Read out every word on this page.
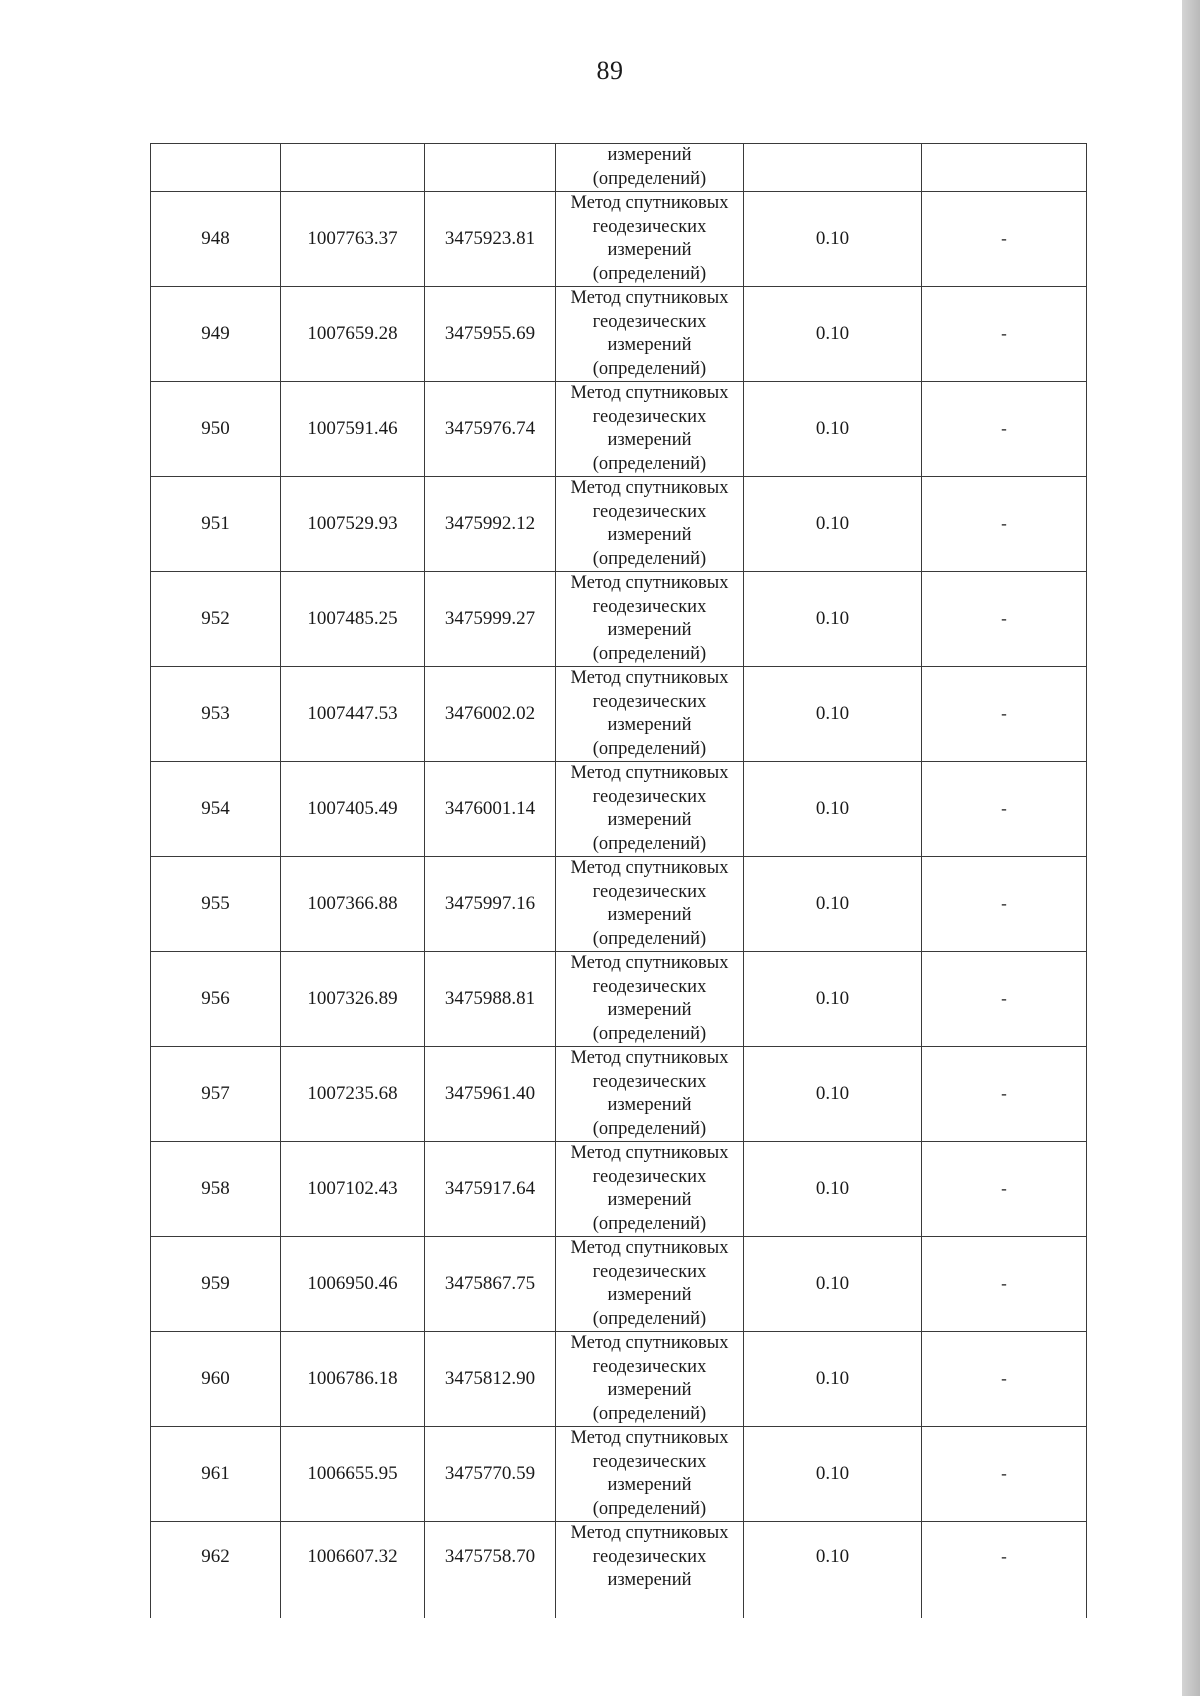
89

			измерений
(определений)		

948	1007763.37	3475923.81	Метод спутниковых
геодезических
измерений
(определений)	0.10	-
949	1007659.28	3475955.69	Метод спутниковых
геодезических
измерений
(определений)	0.10	-
950	1007591.46	3475976.74	Метод спутниковых
геодезических
измерений
(определений)	0.10	-
951	1007529.93	3475992.12	Метод спутниковых
геодезических
измерений
(определений)	0.10	-
952	1007485.25	3475999.27	Метод спутниковых
геодезических
измерений
(определений)	0.10	-
953	1007447.53	3476002.02	Метод спутниковых
геодезических
измерений
(определений)	0.10	-
954	1007405.49	3476001.14	Метод спутниковых
геодезических
измерений
(определений)	0.10	-
955	1007366.88	3475997.16	Метод спутниковых
геодезических
измерений
(определений)	0.10	-
956	1007326.89	3475988.81	Метод спутниковых
геодезических
измерений
(определений)	0.10	-
957	1007235.68	3475961.40	Метод спутниковых
геодезических
измерений
(определений)	0.10	-
958	1007102.43	3475917.64	Метод спутниковых
геодезических
измерений
(определений)	0.10	-
959	1006950.46	3475867.75	Метод спутниковых
геодезических
измерений
(определений)	0.10	-
960	1006786.18	3475812.90	Метод спутниковых
геодезических
измерений
(определений)	0.10	-
961	1006655.95	3475770.59	Метод спутниковых
геодезических
измерений
(определений)	0.10	-
962	1006607.32	3475758.70	Метод спутниковых
геодезических
измерений	0.10	-
